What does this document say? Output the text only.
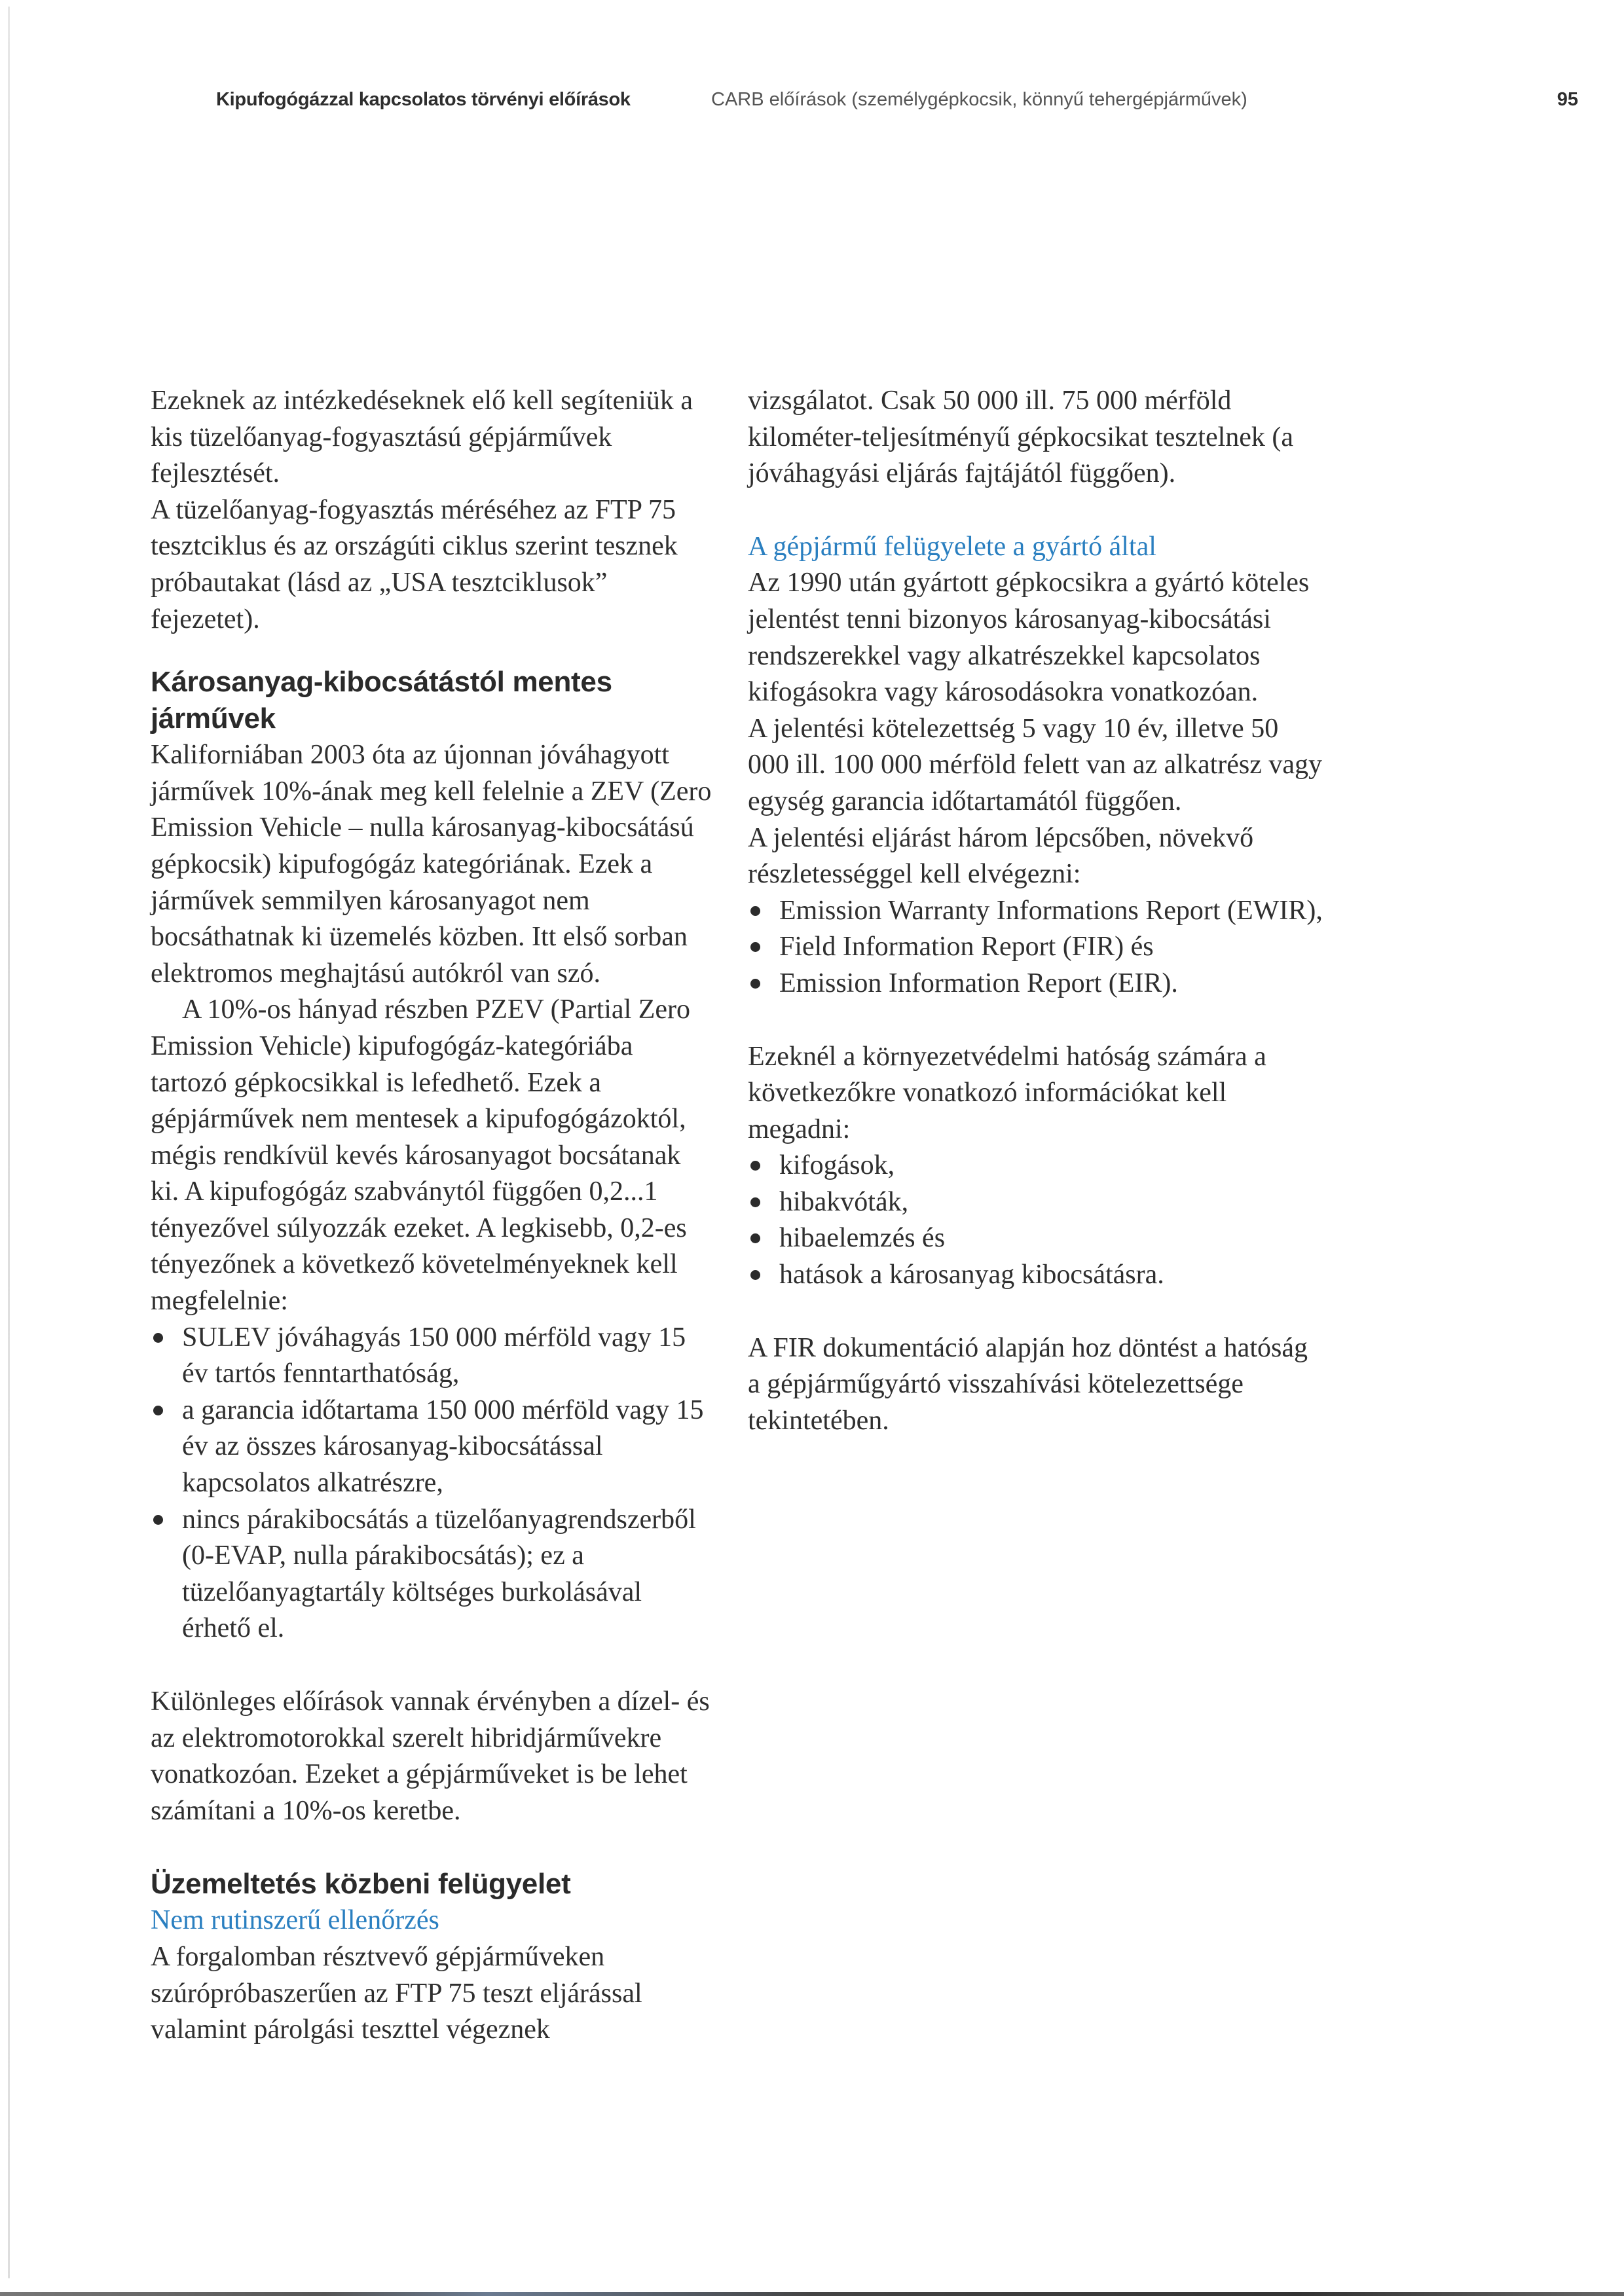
Kipufogógázzal kapcsolatos törvényi előírások	CARB előírások (személygépkocsik, könnyű tehergépjárművek)	95

Ezeknek az intézkedéseknek elő kell segíteniük a kis tüzelőanyag-fogyasztású gépjárművek fejlesztését.

A tüzelőanyag-fogyasztás méréséhez az FTP 75 tesztciklus és az országúti ciklus szerint tesznek próbautakat (lásd az „USA tesztciklusok” fejezetet).

Károsanyag-kibocsátástól mentes járművek

Kaliforniában 2003 óta az újonnan jóváhagyott járművek 10%-ának meg kell felelnie a ZEV (Zero Emission Vehicle – nulla károsanyag-kibocsátású gépkocsik) kipufogógáz kategóriának. Ezek a járművek semmilyen károsanyagot nem bocsáthatnak ki üzemelés közben. Itt első sorban elektromos meghajtású autókról van szó.

A 10%-os hányad részben PZEV (Partial Zero Emission Vehicle) kipufogógáz-kategóriába tartozó gépkocsikkal is lefedhető. Ezek a gépjárművek nem mentesek a kipufogógázoktól, mégis rendkívül kevés károsanyagot bocsátanak ki. A kipufogógáz szabványtól függően 0,2...1 tényezővel súlyozzák ezeket. A legkisebb, 0,2-es tényezőnek a következő követelményeknek kell megfelelnie:

SULEV jóváhagyás 150 000 mérföld vagy 15 év tartós fenntarthatóság,
a garancia időtartama 150 000 mérföld vagy 15 év az összes károsanyag-kibocsátással kapcsolatos alkatrészre,
nincs párakibocsátás a tüzelőanyagrendszerből (0-EVAP, nulla párakibocsátás); ez a tüzelőanyagtartály költséges burkolásával érhető el.

Különleges előírások vannak érvényben a dízel- és az elektromotorokkal szerelt hibridjárművekre vonatkozóan. Ezeket a gépjárműveket is be lehet számítani a 10%-os keretbe.

Üzemeltetés közbeni felügyelet
Nem rutinszerű ellenőrzés

A forgalomban résztvevő gépjárműveken szúrópróbaszerűen az FTP 75 teszt eljárással valamint párolgási teszttel végeznek

vizsgálatot. Csak 50 000 ill. 75 000 mérföld kilométer-teljesítményű gépkocsikat tesztelnek (a jóváhagyási eljárás fajtájától függően).

A gépjármű felügyelete a gyártó által

Az 1990 után gyártott gépkocsikra a gyártó köteles jelentést tenni bizonyos károsanyag-kibocsátási rendszerekkel vagy alkatrészekkel kapcsolatos kifogásokra vagy károsodásokra vonatkozóan.

A jelentési kötelezettség 5 vagy 10 év, illetve 50 000 ill. 100 000 mérföld felett van az alkatrész vagy egység garancia időtartamától függően.

A jelentési eljárást három lépcsőben, növekvő részletességgel kell elvégezni:

Emission Warranty Informations Report (EWIR),
Field Information Report (FIR) és
Emission Information Report (EIR).

Ezeknél a környezetvédelmi hatóság számára a következőkre vonatkozó információkat kell megadni:

kifogások,
hibakvóták,
hibaelemzés és
hatások a károsanyag kibocsátásra.

A FIR dokumentáció alapján hoz döntést a hatóság a gépjárműgyártó visszahívási kötelezettsége tekintetében.
